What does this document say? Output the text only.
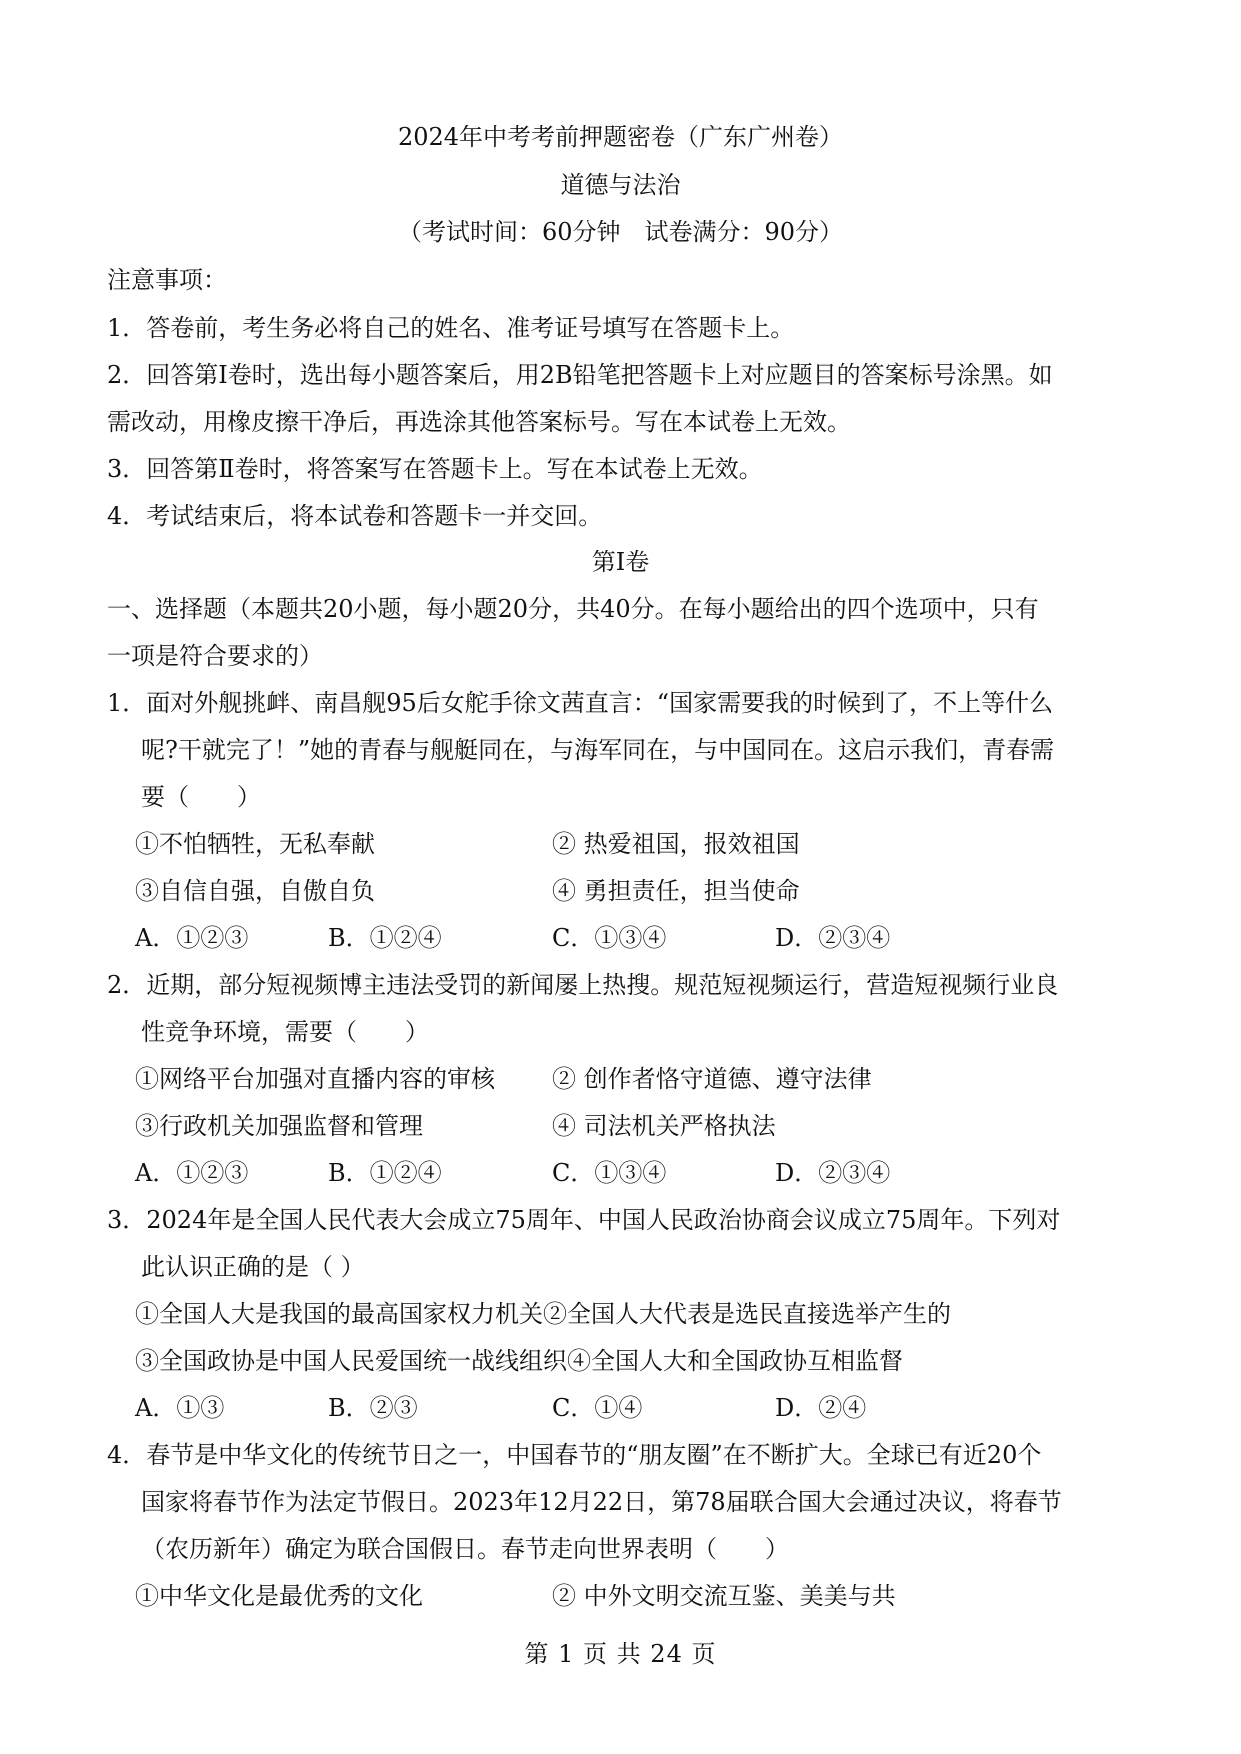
2024年中考考前押题密卷（广东广州卷）
道德与法治
（考试时间：60分钟　试卷满分：90分）
注意事项：
1．答卷前，考生务必将自己的姓名、准考证号填写在答题卡上。
2．回答第Ⅰ卷时，选出每小题答案后，用2B铅笔把答题卡上对应题目的答案标号涂黑。如
需改动，用橡皮擦干净后，再选涂其他答案标号。写在本试卷上无效。
3．回答第Ⅱ卷时，将答案写在答题卡上。写在本试卷上无效。
4．考试结束后，将本试卷和答题卡一并交回。
第Ⅰ卷
一、选择题（本题共20小题，每小题20分，共40分。在每小题给出的四个选项中，只有
一项是符合要求的）
1．面对外舰挑衅、南昌舰95后女舵手徐文茜直言：“国家需要我的时候到了，不上等什么
呢?干就完了！”她的青春与舰艇同在，与海军同在，与中国同在。这启示我们，青春需
要（　　）
①不怕牺牲，无私奉献	② 热爱祖国，报效祖国
③自信自强，自傲自负	④ 勇担责任，担当使命
A．①②③	B．①②④	C．①③④	D．②③④
2．近期，部分短视频博主违法受罚的新闻屡上热搜。规范短视频运行，营造短视频行业良
性竞争环境，需要（　　）
①网络平台加强对直播内容的审核 ② 创作者恪守道德、遵守法律
③行政机关加强监督和管理	④ 司法机关严格执法
A．①②③	B．①②④	C．①③④	D．②③④
3．2024年是全国人民代表大会成立75周年、中国人民政治协商会议成立75周年。下列对
此认识正确的是（ ）
①全国人大是我国的最高国家权力机关②全国人大代表是选民直接选举产生的
③全国政协是中国人民爱国统一战线组织④全国人大和全国政协互相监督
A．①③	B．②③	C．①④	D．②④
4．春节是中华文化的传统节日之一，中国春节的“朋友圈”在不断扩大。全球已有近20个
国家将春节作为法定节假日。2023年12月22日，第78届联合国大会通过决议，将春节
（农历新年）确定为联合国假日。春节走向世界表明（　　）
①中华文化是最优秀的文化	② 中外文明交流互鉴、美美与共
第 1 页 共 24 页
